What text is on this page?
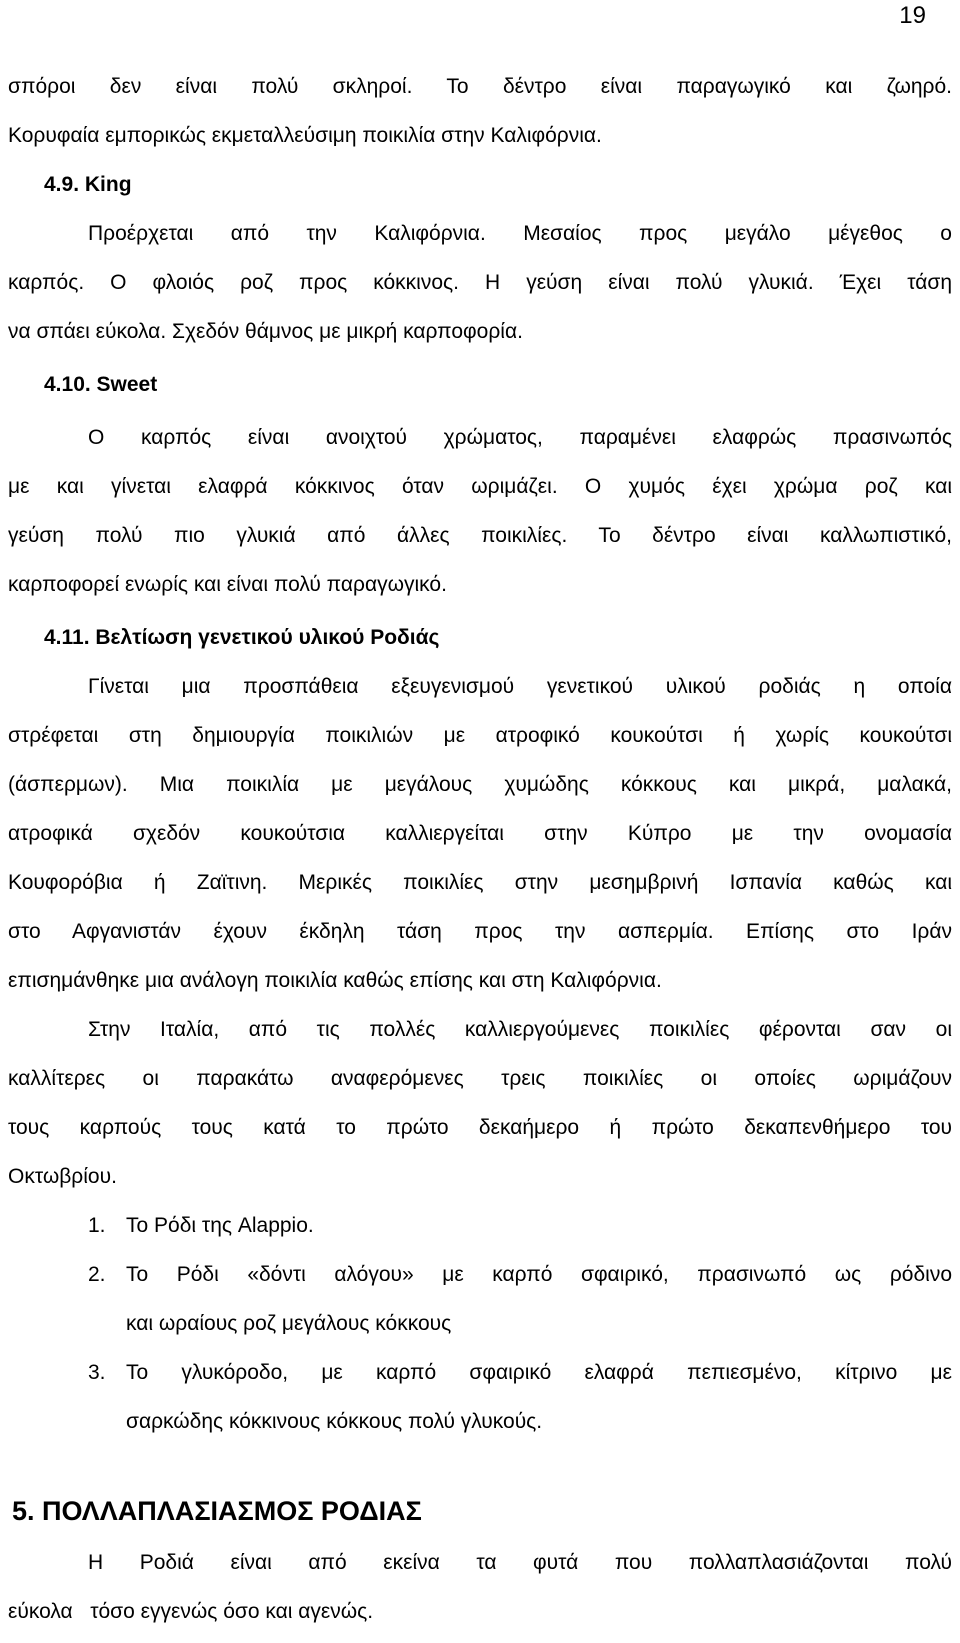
19

σπόροι δεν είναι πολύ σκληροί. Το δέντρο είναι παραγωγικό και ζωηρό.

Κορυφαία εμπορικώς εκμεταλλεύσιμη ποικιλία στην Καλιφόρνια.

4.9. King

Προέρχεται από την Καλιφόρνια. Μεσαίος προς μεγάλο μέγεθος ο

καρπός. Ο φλοιός ροζ προς κόκκινος. Η γεύση είναι πολύ γλυκιά. Έχει τάση

να σπάει εύκολα. Σχεδόν θάμνος με μικρή καρποφορία.

4.10. Sweet

Ο καρπός είναι ανοιχτού χρώματος, παραμένει ελαφρώς πρασινωπός

με και γίνεται ελαφρά κόκκινος όταν ωριμάζει. Ο χυμός έχει χρώμα ροζ και

γεύση πολύ πιο γλυκιά από άλλες ποικιλίες. Το δέντρο είναι καλλωπιστικό,

καρποφορεί ενωρίς και είναι πολύ παραγωγικό.

4.11. Βελτίωση γενετικού υλικού Ροδιάς

Γίνεται μια προσπάθεια εξευγενισμού γενετικού υλικού ροδιάς η οποία

στρέφεται στη δημιουργία ποικιλιών με ατροφικό κουκούτσι ή χωρίς κουκούτσι

(άσπερμων). Μια ποικιλία με μεγάλους χυμώδης κόκκους και μικρά, μαλακά,

ατροφικά σχεδόν κουκούτσια καλλιεργείται στην Κύπρο με την ονομασία

Κουφορόβια ή Ζαϊτινη. Μερικές ποικιλίες στην μεσημβρινή Ισπανία καθώς και

στο Αφγανιστάν έχουν έκδηλη τάση προς την ασπερμία. Επίσης στο Ιράν

επισημάνθηκε μια ανάλογη ποικιλία καθώς επίσης και στη Καλιφόρνια.

Στην Ιταλία, από τις πολλές καλλιεργούμενες ποικιλίες φέρονται σαν οι

καλλίτερες οι παρακάτω αναφερόμενες τρεις ποικιλίες οι οποίες ωριμάζουν

τους καρπούς τους κατά το πρώτο δεκαήμερο ή πρώτο δεκαπενθήμερο του

Οκτωβρίου.

1. Το Ρόδι της Alappio.

2. Το Ρόδι «δόντι αλόγου» με καρπό σφαιρικό, πρασινωπό ως ρόδινο

και ωραίους ροζ μεγάλους κόκκους

3. Το γλυκόροδο, με καρπό σφαιρικό ελαφρά πεπιεσμένο, κίτρινο με

σαρκώδης κόκκινους κόκκους πολύ γλυκούς.

5. ΠΟΛΛΑΠΛΑΣΙΑΣΜΟΣ ΡΟΔΙΑΣ

Η Ροδιά είναι από εκείνα τα φυτά που πολλαπλασιάζονται πολύ

εύκολα   τόσο εγγενώς όσο και αγενώς.
